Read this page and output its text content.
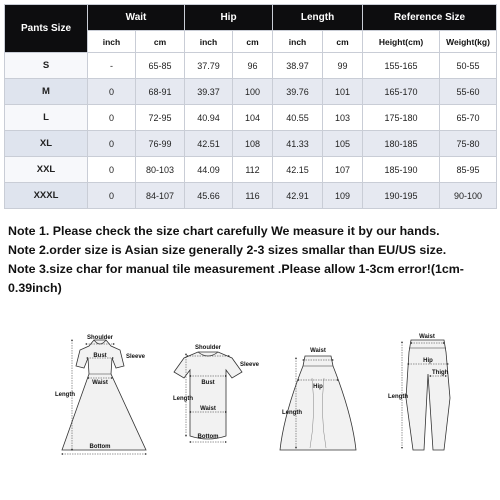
Pants Size	Wait		Hip		Length		Reference Size	
	inch	cm	inch	cm	inch	cm	Height(cm)	Weight(kg)
S	-	65-85	37.79	96	38.97	99	155-165	50-55
M	0	68-91	39.37	100	39.76	101	165-170	55-60
L	0	72-95	40.94	104	40.55	103	175-180	65-70
XL	0	76-99	42.51	108	41.33	105	180-185	75-80
XXL	0	80-103	44.09	112	42.15	107	185-190	85-95
XXXL	0	84-107	45.66	116	42.91	109	190-195	90-100
Note 1. Please check the size chart carefully We measure it by our hands.
Note 2.order size is Asian size generally 2-3 sizes smallar than EU/US size.
Note 3.size char for manual tile measurement .Please allow 1-3cm error!(1cm-0.39inch)
Shoulder
Bust	Sleeve
Waist
Length
Bottom
Shoulder
Sleeve
Bust
Length
Waist
Bottom
Waist
Hip
Length
Waist
Hip
Thigh
Length
